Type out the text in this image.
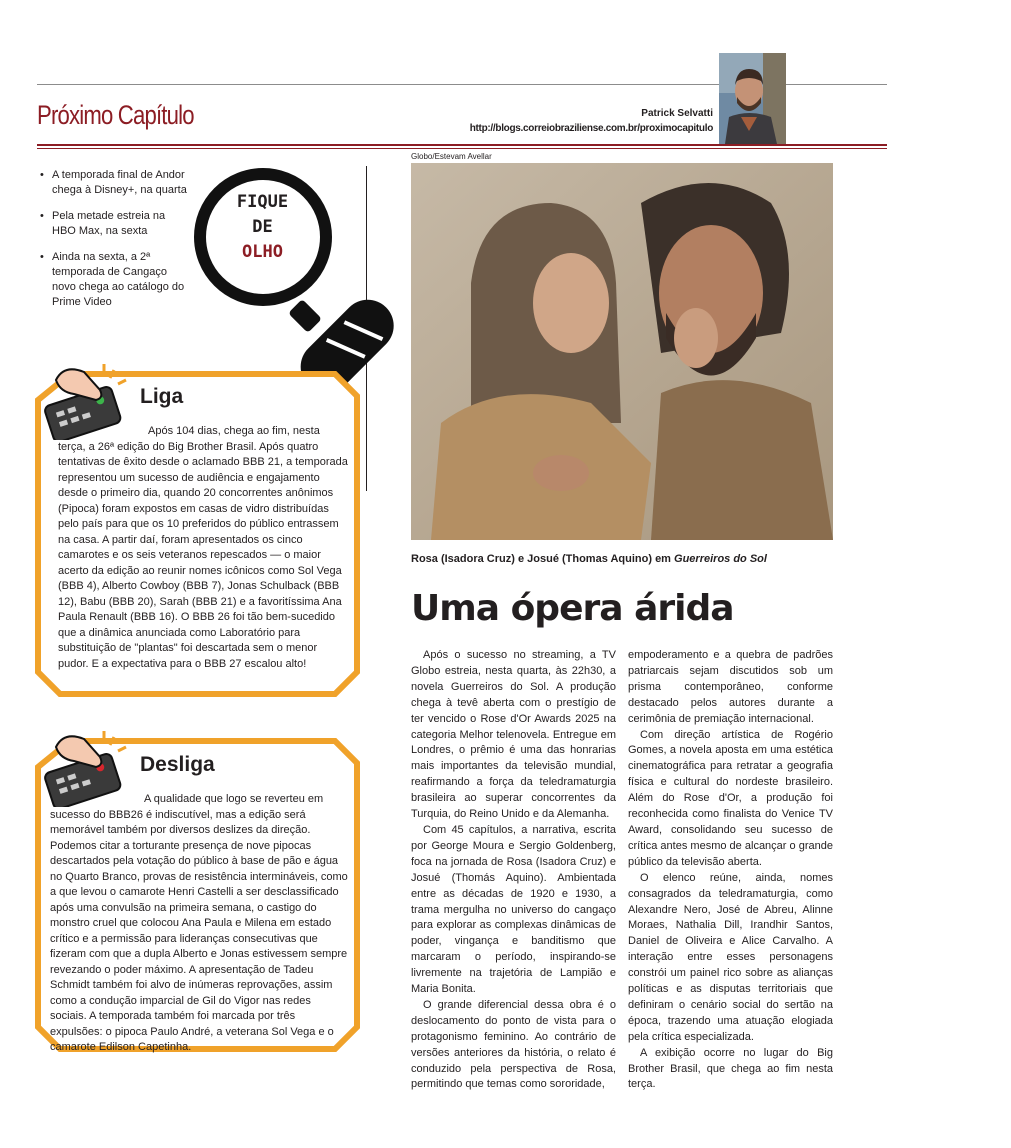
Próximo Capítulo	Patrick Selvatti
http://blogs.correiobraziliense.com.br/proximocapitulo
• A temporada final de Andor chega à Disney+, na quarta
• Pela metade estreia na HBO Max, na sexta
• Ainda na sexta, a 2ª temporada de Cangaço novo chega ao catálogo do Prime Video
FIQUE
DE
OLHO
Liga
Após 104 dias, chega ao fim, nesta terça, a 26ª edição do Big Brother Brasil. Após quatro tentativas de êxito desde o aclamado BBB 21, a temporada representou um sucesso de audiência e engajamento desde o primeiro dia, quando 20 concorrentes anônimos (Pipoca) foram expostos em casas de vidro distribuídas pelo país para que os 10 preferidos do público entrassem na casa. A partir daí, foram apresentados os cinco camarotes e os seis veteranos repescados — o maior acerto da edição ao reunir nomes icônicos como Sol Vega (BBB 4), Alberto Cowboy (BBB 7), Jonas Schulback (BBB 12), Babu (BBB 20), Sarah (BBB 21) e a favoritíssima Ana Paula Renault (BBB 16). O BBB 26 foi tão bem-sucedido que a dinâmica anunciada como Laboratório para substituição de "plantas" foi descartada sem o menor pudor. E a expectativa para o BBB 27 escalou alto!
Desliga
A qualidade que logo se reverteu em sucesso do BBB26 é indiscutível, mas a edição será memorável também por diversos deslizes da direção. Podemos citar a torturante presença de nove pipocas descartados pela votação do público à base de pão e água no Quarto Branco, provas de resistência intermináveis, como a que levou o camarote Henri Castelli a ser desclassificado após uma convulsão na primeira semana, o castigo do monstro cruel que colocou Ana Paula e Milena em estado crítico e a permissão para lideranças consecutivas que fizeram com que a dupla Alberto e Jonas estivessem sempre revezando o poder máximo. A apresentação de Tadeu Schmidt também foi alvo de inúmeras reprovações, assim como a condução imparcial de Gil do Vigor nas redes sociais. A temporada também foi marcada por três expulsões: o pipoca Paulo André, a veterana Sol Vega e o camarote Edilson Capetinha.
Globo/Estevam Avellar
Rosa (Isadora Cruz) e Josué (Thomas Aquino) em Guerreiros do Sol
Uma ópera árida

Após o sucesso no streaming, a TV Globo estreia, nesta quarta, às 22h30, a novela Guerreiros do Sol. A produção chega à tevê aberta com o prestígio de ter vencido o Rose d'Or Awards 2025 na categoria Melhor telenovela. Entregue em Londres, o prêmio é uma das honrarias mais importantes da televisão mundial, reafirmando a força da teledramaturgia brasileira ao superar concorrentes da Turquia, do Reino Unido e da Alemanha.

Com 45 capítulos, a narrativa, escrita por George Moura e Sergio Goldenberg, foca na jornada de Rosa (Isadora Cruz) e Josué (Thomás Aquino). Ambientada entre as décadas de 1920 e 1930, a trama mergulha no universo do cangaço para explorar as complexas dinâmicas de poder, vingança e banditismo que marcaram o período, inspirando-se livremente na trajetória de Lampião e Maria Bonita.

O grande diferencial dessa obra é o deslocamento do ponto de vista para o protagonismo feminino. Ao contrário de versões anteriores da história, o relato é conduzido pela perspectiva de Rosa, permitindo que temas como sororidade,

empoderamento e a quebra de padrões patriarcais sejam discutidos sob um prisma contemporâneo, conforme destacado pelos autores durante a cerimônia de premiação internacional.

Com direção artística de Rogério Gomes, a novela aposta em uma estética cinematográfica para retratar a geografia física e cultural do nordeste brasileiro. Além do Rose d'Or, a produção foi reconhecida como finalista do Venice TV Award, consolidando seu sucesso de crítica antes mesmo de alcançar o grande público da televisão aberta.

O elenco reúne, ainda, nomes consagrados da teledramaturgia, como Alexandre Nero, José de Abreu, Alinne Moraes, Nathalia Dill, Irandhir Santos, Daniel de Oliveira e Alice Carvalho. A interação entre esses personagens constrói um painel rico sobre as alianças políticas e as disputas territoriais que definiram o cenário social do sertão na época, trazendo uma atuação elogiada pela crítica especializada.

A exibição ocorre no lugar do Big Brother Brasil, que chega ao fim nesta terça.
